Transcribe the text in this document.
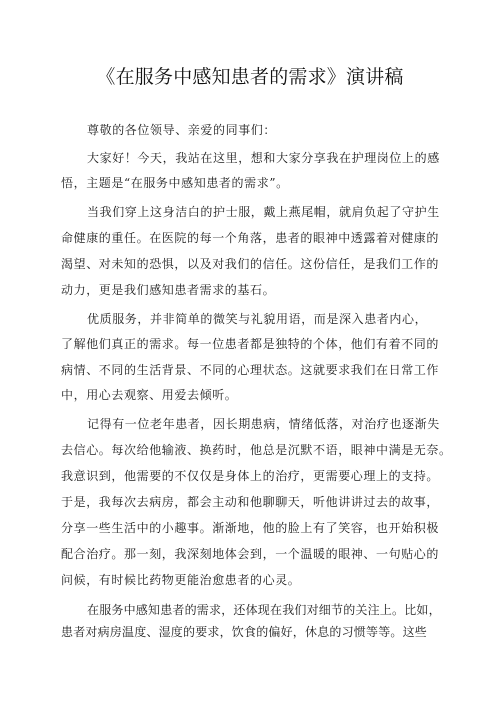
《在服务中感知患者的需求》演讲稿
尊敬的各位领导、亲爱的同事们：
大家好！今天，我站在这里，想和大家分享我在护理岗位上的感
悟，主题是“在服务中感知患者的需求”。
当我们穿上这身洁白的护士服，戴上燕尾帽，就肩负起了守护生
命健康的重任。在医院的每一个角落，患者的眼神中透露着对健康的
渴望、对未知的恐惧，以及对我们的信任。这份信任，是我们工作的
动力，更是我们感知患者需求的基石。
优质服务，并非简单的微笑与礼貌用语，而是深入患者内心，
了解他们真正的需求。每一位患者都是独特的个体，他们有着不同的
病情、不同的生活背景、不同的心理状态。这就要求我们在日常工作
中，用心去观察、用爱去倾听。
记得有一位老年患者，因长期患病，情绪低落，对治疗也逐渐失
去信心。每次给他输液、换药时，他总是沉默不语，眼神中满是无奈。
我意识到，他需要的不仅仅是身体上的治疗，更需要心理上的支持。
于是，我每次去病房，都会主动和他聊聊天，听他讲讲过去的故事，
分享一些生活中的小趣事。渐渐地，他的脸上有了笑容，也开始积极
配合治疗。那一刻，我深刻地体会到，一个温暖的眼神、一句贴心的
问候，有时候比药物更能治愈患者的心灵。
在服务中感知患者的需求，还体现在我们对细节的关注上。比如，
患者对病房温度、湿度的要求，饮食的偏好，休息的习惯等等。这些
